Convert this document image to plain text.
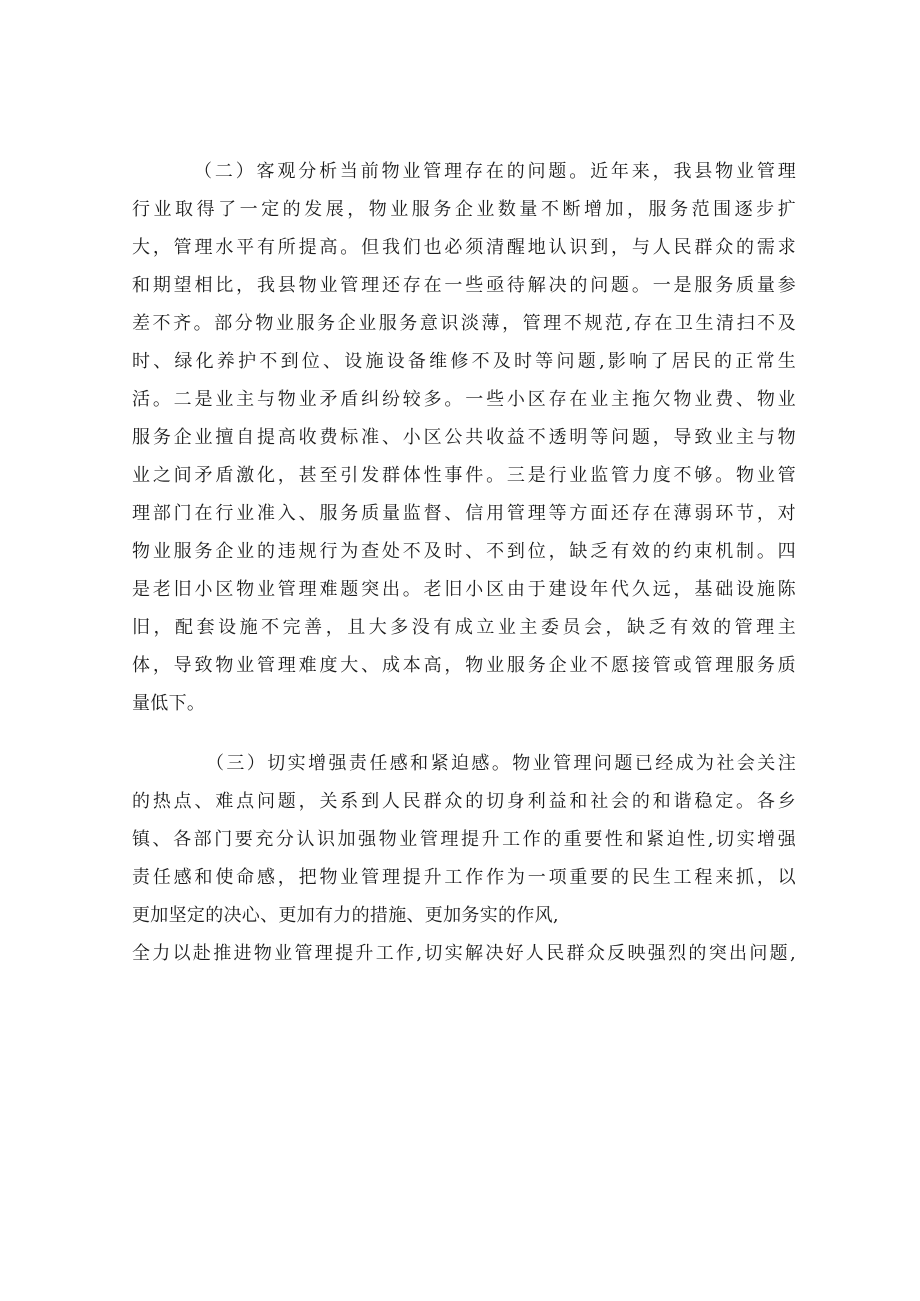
（二）客观分析当前物业管理存在的问题。近年来，我县物业管理
行业取得了一定的发展，物业服务企业数量不断增加，服务范围逐步扩
大，管理水平有所提高。但我们也必须清醒地认识到，与人民群众的需求
和期望相比，我县物业管理还存在一些亟待解决的问题。一是服务质量参
差不齐。部分物业服务企业服务意识淡薄，管理不规范,存在卫生清扫不及
时、绿化养护不到位、设施设备维修不及时等问题,影响了居民的正常生
活。二是业主与物业矛盾纠纷较多。一些小区存在业主拖欠物业费、物业
服务企业擅自提高收费标准、小区公共收益不透明等问题，导致业主与物
业之间矛盾激化，甚至引发群体性事件。三是行业监管力度不够。物业管
理部门在行业准入、服务质量监督、信用管理等方面还存在薄弱环节，对
物业服务企业的违规行为查处不及时、不到位，缺乏有效的约束机制。四
是老旧小区物业管理难题突出。老旧小区由于建设年代久远，基础设施陈
旧，配套设施不完善，且大多没有成立业主委员会，缺乏有效的管理主
体，导致物业管理难度大、成本高，物业服务企业不愿接管或管理服务质
量低下。
（三）切实增强责任感和紧迫感。物业管理问题已经成为社会关注
的热点、难点问题，关系到人民群众的切身利益和社会的和谐稳定。各乡
镇、各部门要充分认识加强物业管理提升工作的重要性和紧迫性,切实增强
责任感和使命感，把物业管理提升工作作为一项重要的民生工程来抓，以
更加坚定的决心、更加有力的措施、更加务实的作风,
全力以赴推进物业管理提升工作,切实解决好人民群众反映强烈的突出问题,
